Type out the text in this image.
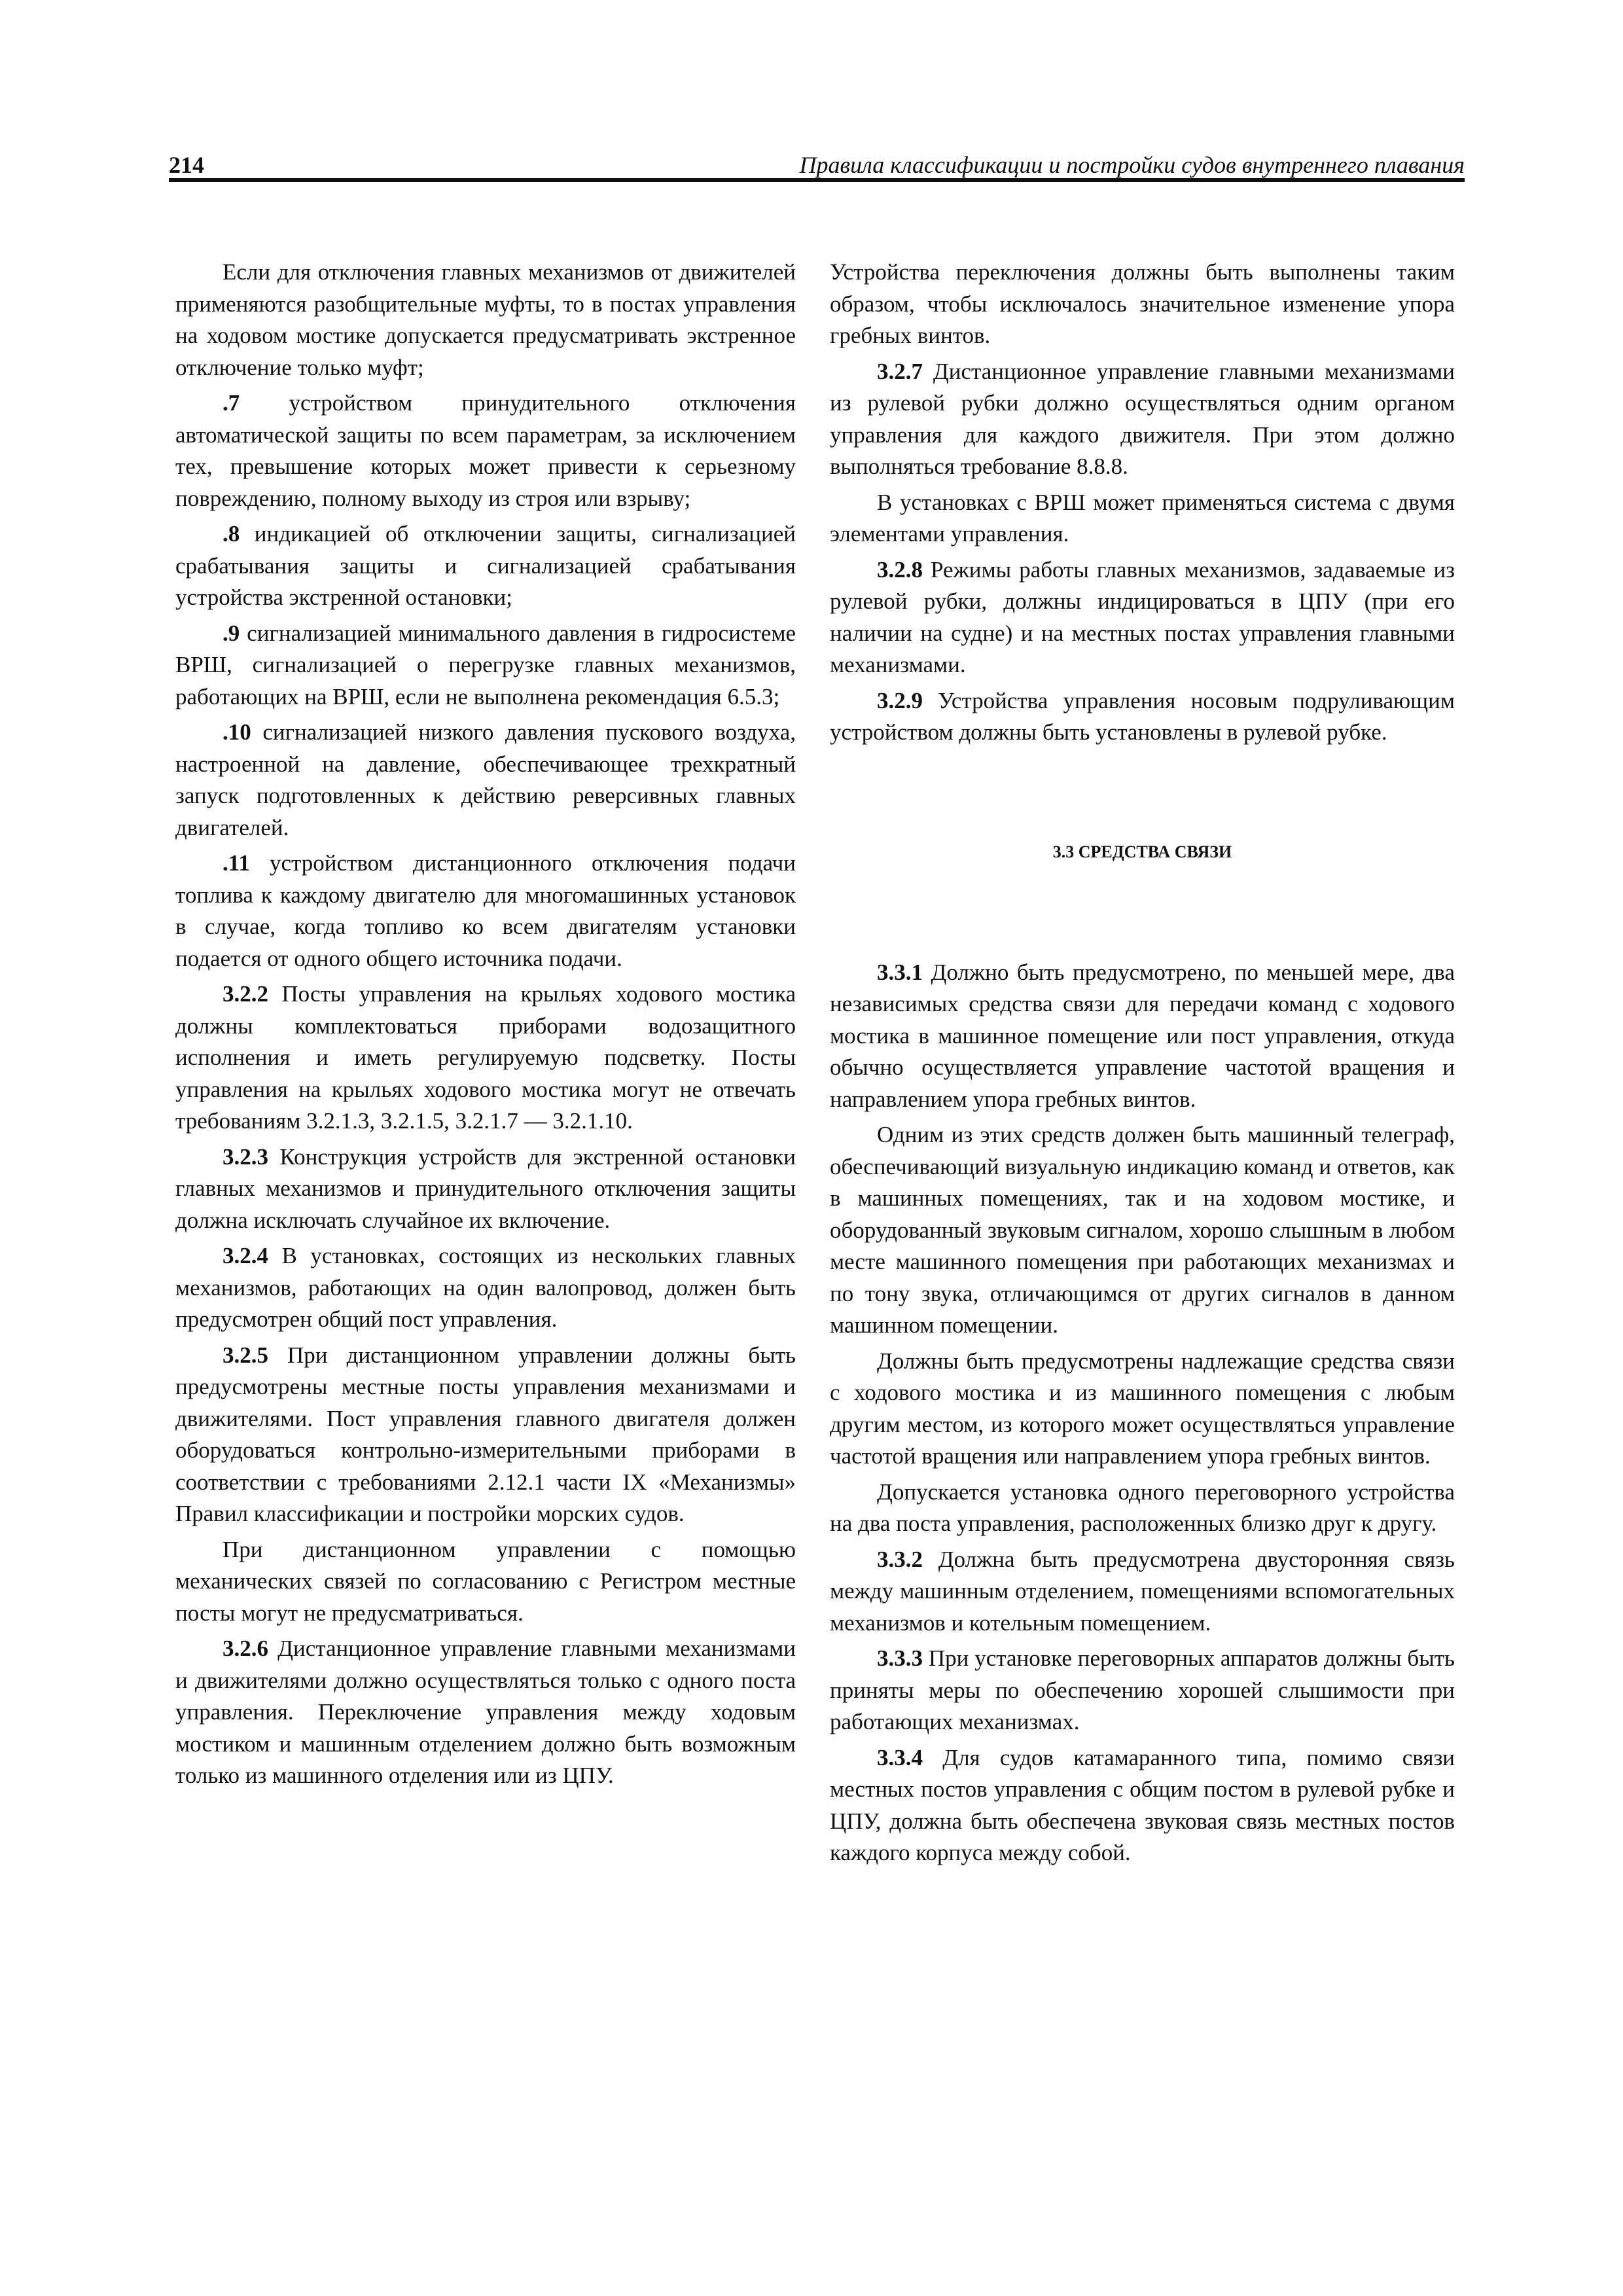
214	Правила классификации и постройки судов внутреннего плавания

Если для отключения главных механизмов от движителей применяются разобщительные муфты, то в постах управления на ходовом мостике допускается предусматривать экстренное отключение только муфт;

.7 устройством принудительного отключения автоматической защиты по всем параметрам, за исключением тех, превышение которых может привести к серьезному повреждению, полному выходу из строя или взрыву;

.8 индикацией об отключении защиты, сигнализацией срабатывания защиты и сигнализацией срабатывания устройства экстренной остановки;

.9 сигнализацией минимального давления в гидросистеме ВРШ, сигнализацией о перегрузке главных механизмов, работающих на ВРШ, если не выполнена рекомендация 6.5.3;

.10 сигнализацией низкого давления пускового воздуха, настроенной на давление, обеспечивающее трехкратный запуск подготовленных к действию реверсивных главных двигателей.

.11 устройством дистанционного отключения подачи топлива к каждому двигателю для многомашинных установок в случае, когда топливо ко всем двигателям установки подается от одного общего источника подачи.

3.2.2 Посты управления на крыльях ходового мостика должны комплектоваться приборами водозащитного исполнения и иметь регулируемую подсветку. Посты управления на крыльях ходового мостика могут не отвечать требованиям 3.2.1.3, 3.2.1.5, 3.2.1.7 — 3.2.1.10.

3.2.3 Конструкция устройств для экстренной остановки главных механизмов и принудительного отключения защиты должна исключать случайное их включение.

3.2.4 В установках, состоящих из нескольких главных механизмов, работающих на один валопровод, должен быть предусмотрен общий пост управления.

3.2.5 При дистанционном управлении должны быть предусмотрены местные посты управления механизмами и движителями. Пост управления главного двигателя должен оборудоваться контрольно-измерительными приборами в соответствии с требованиями 2.12.1 части IX «Механизмы» Правил классификации и постройки морских судов.

При дистанционном управлении с помощью механических связей по согласованию с Регистром местные посты могут не предусматриваться.

3.2.6 Дистанционное управление главными механизмами и движителями должно осуществляться только с одного поста управления. Переключение управления между ходовым мостиком и машинным отделением должно быть возможным только из машинного отделения или из ЦПУ.

Устройства переключения должны быть выполнены таким образом, чтобы исключалось значительное изменение упора гребных винтов.

3.2.7 Дистанционное управление главными механизмами из рулевой рубки должно осуществляться одним органом управления для каждого движителя. При этом должно выполняться требование 8.8.8.

В установках с ВРШ может применяться система с двумя элементами управления.

3.2.8 Режимы работы главных механизмов, задаваемые из рулевой рубки, должны индицироваться в ЦПУ (при его наличии на судне) и на местных постах управления главными механизмами.

3.2.9 Устройства управления носовым подруливающим устройством должны быть установлены в рулевой рубке.

3.3 СРЕДСТВА СВЯЗИ

3.3.1 Должно быть предусмотрено, по меньшей мере, два независимых средства связи для передачи команд с ходового мостика в машинное помещение или пост управления, откуда обычно осуществляется управление частотой вращения и направлением упора гребных винтов.

Одним из этих средств должен быть машинный телеграф, обеспечивающий визуальную индикацию команд и ответов, как в машинных помещениях, так и на ходовом мостике, и оборудованный звуковым сигналом, хорошо слышным в любом месте машинного помещения при работающих механизмах и по тону звука, отличающимся от других сигналов в данном машинном помещении.

Должны быть предусмотрены надлежащие средства связи с ходового мостика и из машинного помещения с любым другим местом, из которого может осуществляться управление частотой вращения или направлением упора гребных винтов.

Допускается установка одного переговорного устройства на два поста управления, расположенных близко друг к другу.

3.3.2 Должна быть предусмотрена двусторонняя связь между машинным отделением, помещениями вспомогательных механизмов и котельным помещением.

3.3.3 При установке переговорных аппаратов должны быть приняты меры по обеспечению хорошей слышимости при работающих механизмах.

3.3.4 Для судов катамаранного типа, помимо связи местных постов управления с общим постом в рулевой рубке и ЦПУ, должна быть обеспечена звуковая связь местных постов каждого корпуса между собой.
